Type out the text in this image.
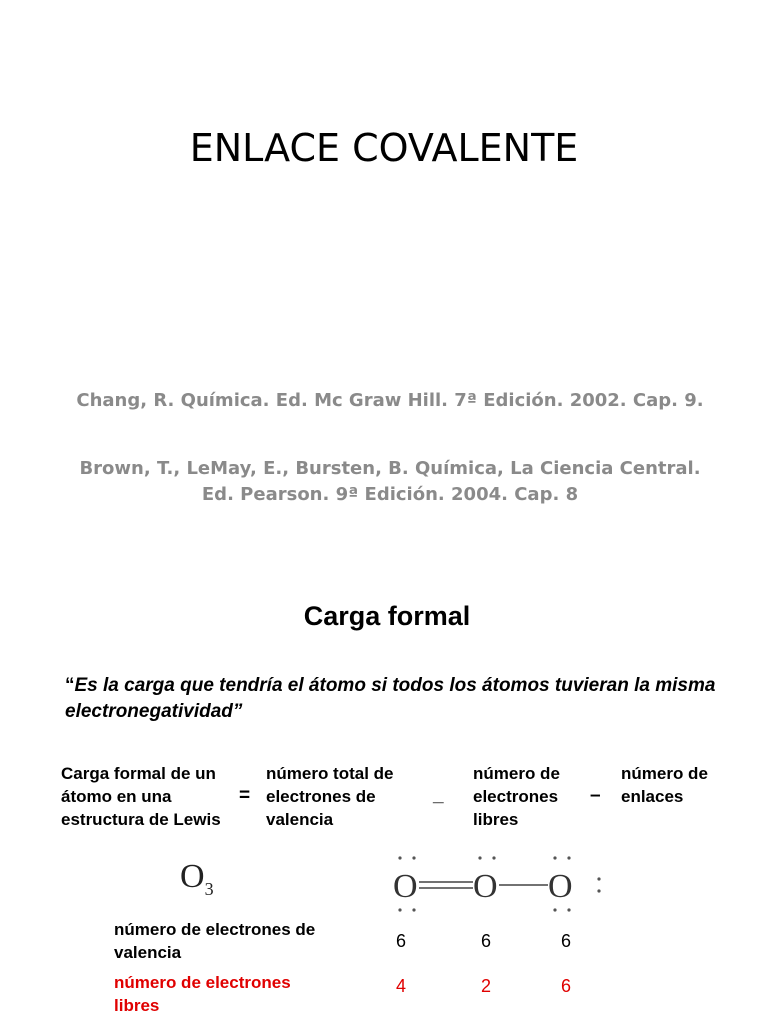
ENLACE COVALENTE
Chang, R. Química. Ed. Mc Graw Hill. 7ª Edición. 2002. Cap. 9.
Brown, T., LeMay, E., Bursten, B. Química, La Ciencia Central.
Ed. Pearson. 9ª Edición. 2004. Cap. 8
Carga formal
“Es la carga que tendría el átomo si todos los átomos tuvieran la misma electronegatividad”
Carga formal de un átomo en una estructura de Lewis
=
número total de electrones de valencia
_
número de electrones libres
–
número de enlaces
$O_3$	O O O
número de electrones de valencia
6	6	6
número de electrones libres
4	2	6
